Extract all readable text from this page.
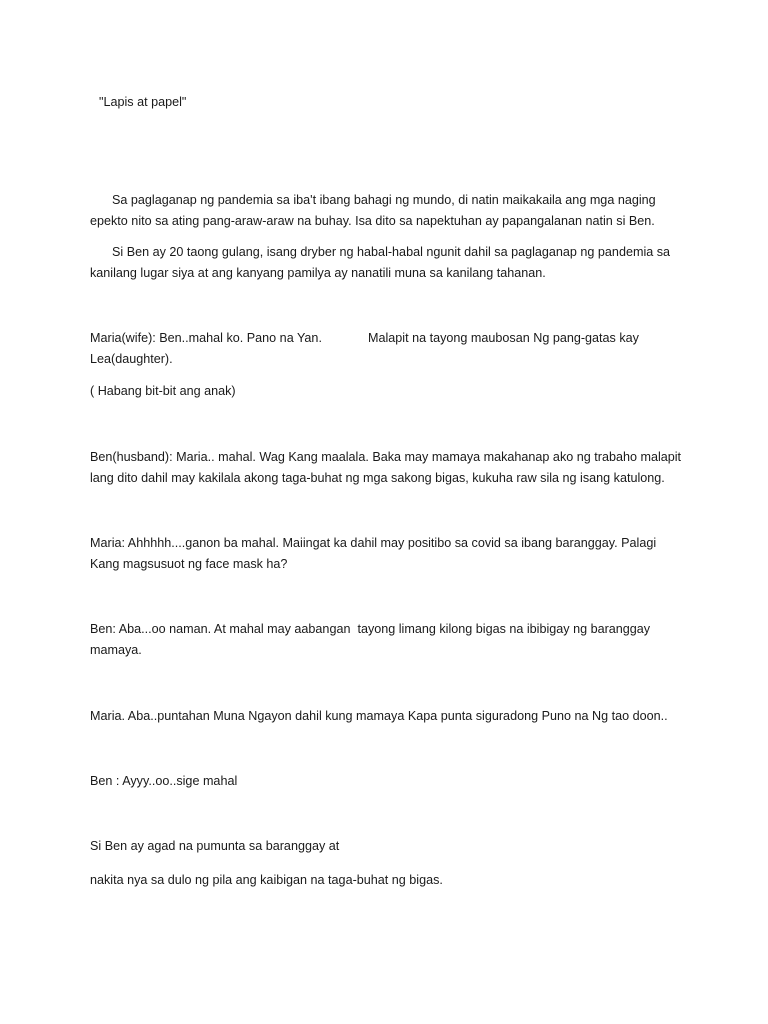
"Lapis at papel"

Sa paglaganap ng pandemia sa iba't ibang bahagi ng mundo, di natin maikakaila ang mga naging

epekto nito sa ating pang-araw-araw na buhay. Isa dito sa napektuhan ay papangalanan natin si Ben.

Si Ben ay 20 taong gulang, isang dryber ng habal-habal ngunit dahil sa paglaganap ng pandemia sa

kanilang lugar siya at ang kanyang pamilya ay nanatili muna sa kanilang tahanan.

Maria(wife): Ben..mahal ko. Pano na Yan.	Malapit na tayong maubosan Ng pang-gatas kay

Lea(daughter).

( Habang bit-bit ang anak)

Ben(husband): Maria.. mahal. Wag Kang maalala. Baka may mamaya makahanap ako ng trabaho malapit

lang dito dahil may kakilala akong taga-buhat ng mga sakong bigas, kukuha raw sila ng isang katulong.

Maria: Ahhhhh....ganon ba mahal. Maiingat ka dahil may positibo sa covid sa ibang baranggay. Palagi

Kang magsusuot ng face mask ha?

Ben: Aba...oo naman. At mahal may aabangan  tayong limang kilong bigas na ibibigay ng baranggay

mamaya.

Maria. Aba..puntahan Muna Ngayon dahil kung mamaya Kapa punta siguradong Puno na Ng tao doon..

Ben : Ayyy..oo..sige mahal

Si Ben ay agad na pumunta sa baranggay at

nakita nya sa dulo ng pila ang kaibigan na taga-buhat ng bigas.
